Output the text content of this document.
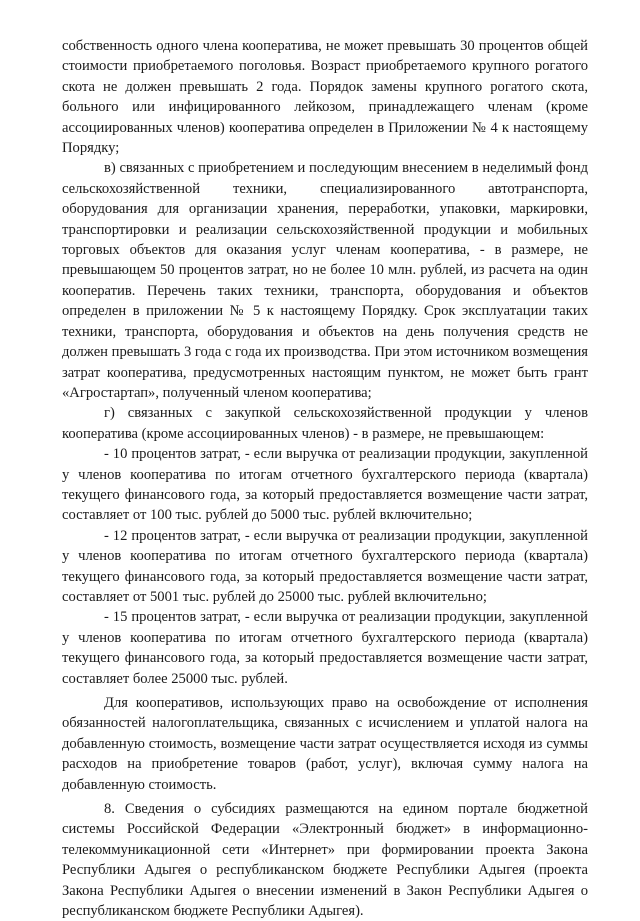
собственность одного члена кооператива, не может превышать 30 процентов общей стоимости приобретаемого поголовья. Возраст приобретаемого крупного рогатого скота не должен превышать 2 года. Порядок замены крупного рогатого скота, больного или инфицированного лейкозом, принадлежащего членам (кроме ассоциированных членов) кооператива определен в Приложении № 4 к настоящему Порядку;

в) связанных с приобретением и последующим внесением в неделимый фонд сельскохозяйственной техники, специализированного автотранспорта, оборудования для организации хранения, переработки, упаковки, маркировки, транспортировки и реализации сельскохозяйственной продукции и мобильных торговых объектов для оказания услуг членам кооператива, - в размере, не превышающем 50 процентов затрат, но не более 10 млн. рублей, из расчета на один кооператив. Перечень таких техники, транспорта, оборудования и объектов определен в приложении № 5 к настоящему Порядку. Срок эксплуатации таких техники, транспорта, оборудования и объектов на день получения средств не должен превышать 3 года с года их производства. При этом источником возмещения затрат кооператива, предусмотренных настоящим пунктом, не может быть грант «Агростартап», полученный членом кооператива;

г) связанных с закупкой сельскохозяйственной продукции у членов кооператива (кроме ассоциированных членов) - в размере, не превышающем:

- 10 процентов затрат, - если выручка от реализации продукции, закупленной у членов кооператива по итогам отчетного бухгалтерского периода (квартала) текущего финансового года, за который предоставляется возмещение части затрат, составляет от 100 тыс. рублей до 5000 тыс. рублей включительно;

- 12 процентов затрат, - если выручка от реализации продукции, закупленной у членов кооператива по итогам отчетного бухгалтерского периода (квартала) текущего финансового года, за который предоставляется возмещение части затрат, составляет от 5001 тыс. рублей до 25000 тыс. рублей включительно;

- 15 процентов затрат, - если выручка от реализации продукции, закупленной у членов кооператива по итогам отчетного бухгалтерского периода (квартала) текущего финансового года, за который предоставляется возмещение части затрат, составляет более 25000 тыс. рублей.

Для кооперативов, использующих право на освобождение от исполнения обязанностей налогоплательщика, связанных с исчислением и уплатой налога на добавленную стоимость, возмещение части затрат осуществляется исходя из суммы расходов на приобретение товаров (работ, услуг), включая сумму налога на добавленную стоимость.

8. Сведения о субсидиях размещаются на едином портале бюджетной системы Российской Федерации «Электронный бюджет» в информационно-телекоммуникационной сети «Интернет» при формировании проекта Закона Республики Адыгея о республиканском бюджете Республики Адыгея (проекта Закона Республики Адыгея о внесении изменений в Закон Республики Адыгея о республиканском бюджете Республики Адыгея).
